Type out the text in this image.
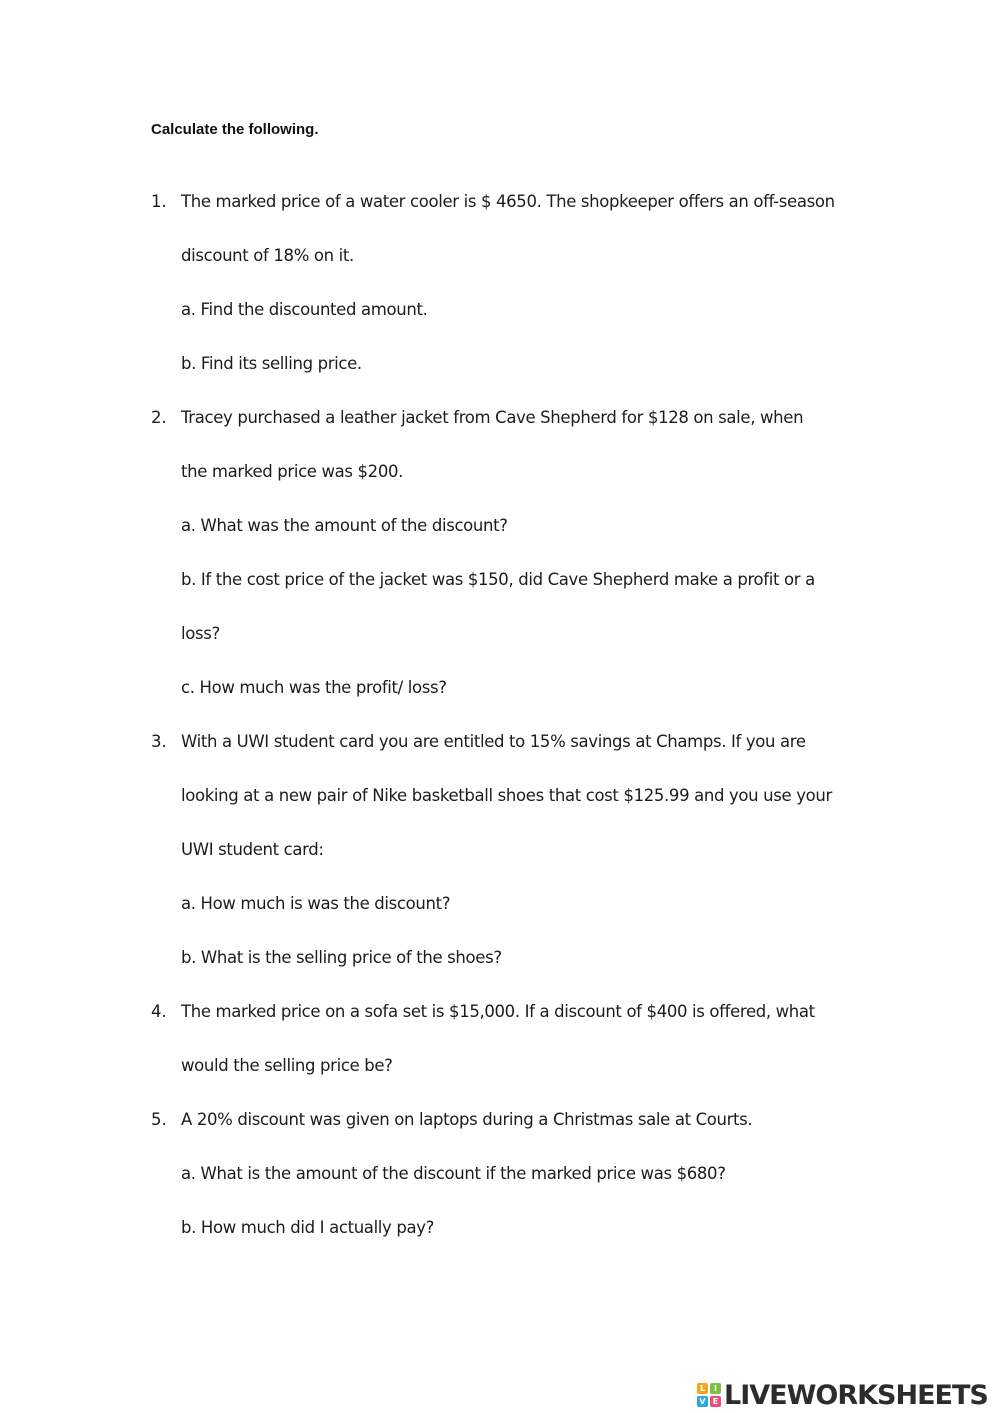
Calculate the following.
1. The marked price of a water cooler is $ 4650. The shopkeeper offers an off-season
discount of 18% on it.
a. Find the discounted amount.
b. Find its selling price.
2. Tracey purchased a leather jacket from Cave Shepherd for $128 on sale, when
the marked price was $200.
a. What was the amount of the discount?
b. If the cost price of the jacket was $150, did Cave Shepherd make a profit or a
loss?
c. How much was the profit/ loss?
3. With a UWI student card you are entitled to 15% savings at Champs. If you are
looking at a new pair of Nike basketball shoes that cost $125.99 and you use your
UWI student card:
a. How much is was the discount?
b. What is the selling price of the shoes?
4. The marked price on a sofa set is $15,000. If a discount of $400 is offered, what
would the selling price be?
5. A 20% discount was given on laptops during a Christmas sale at Courts.
a. What is the amount of the discount if the marked price was $680?
b. How much did I actually pay?
L	I
V E LIVEWORKSHEETS
